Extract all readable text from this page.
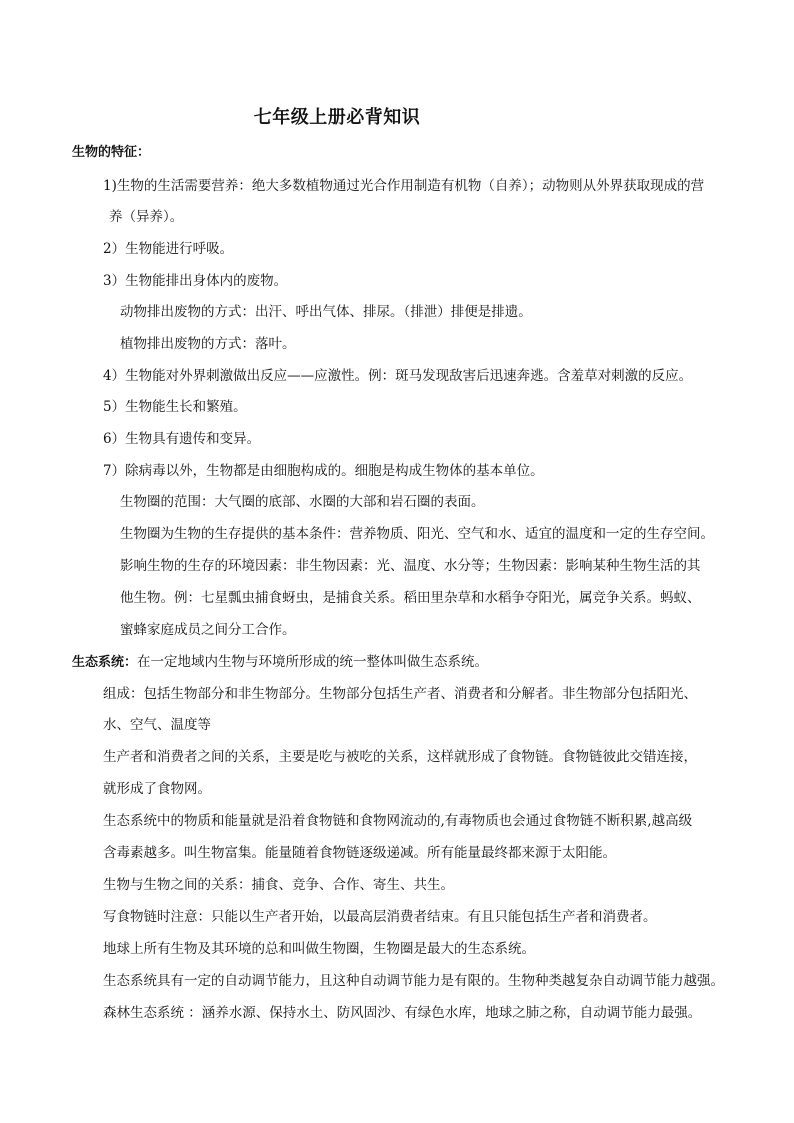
七年级上册必背知识
生物的特征：
1)生物的生活需要营养：绝大多数植物通过光合作用制造有机物（自养）；动物则从外界获取现成的营
养（异养）。
2）生物能进行呼吸。
3）生物能排出身体内的废物。
动物排出废物的方式：出汗、呼出气体、排尿。（排泄）排便是排遗。
植物排出废物的方式：落叶。
4）生物能对外界刺激做出反应——应激性。例：斑马发现敌害后迅速奔逃。含羞草对刺激的反应。
5）生物能生长和繁殖。
6）生物具有遗传和变异。
7）除病毒以外，生物都是由细胞构成的。细胞是构成生物体的基本单位。
生物圈的范围：大气圈的底部、水圈的大部和岩石圈的表面。
生物圈为生物的生存提供的基本条件：营养物质、阳光、空气和水、适宜的温度和一定的生存空间。
影响生物的生存的环境因素：非生物因素：光、温度、水分等；生物因素：影响某种生物生活的其
他生物。例：七星瓢虫捕食蚜虫，是捕食关系。稻田里杂草和水稻争夺阳光，属竞争关系。蚂蚁、
蜜蜂家庭成员之间分工合作。
生态系统：在一定地域内生物与环境所形成的统一整体叫做生态系统。
组成：包括生物部分和非生物部分。生物部分包括生产者、消费者和分解者。非生物部分包括阳光、
水、空气、温度等
生产者和消费者之间的关系，主要是吃与被吃的关系，这样就形成了食物链。食物链彼此交错连接，
就形成了食物网。
生态系统中的物质和能量就是沿着食物链和食物网流动的,有毒物质也会通过食物链不断积累,越高级
含毒素越多。叫生物富集。能量随着食物链逐级递减。所有能量最终都来源于太阳能。
生物与生物之间的关系：捕食、竞争、合作、寄生、共生。
写食物链时注意：只能以生产者开始，以最高层消费者结束。有且只能包括生产者和消费者。
地球上所有生物及其环境的总和叫做生物圈，生物圈是最大的生态系统。
生态系统具有一定的自动调节能力，且这种自动调节能力是有限的。生物种类越复杂自动调节能力越强。
森林生态系统 ：涵养水源、保持水土、防风固沙、有绿色水库，地球之肺之称，自动调节能力最强。
